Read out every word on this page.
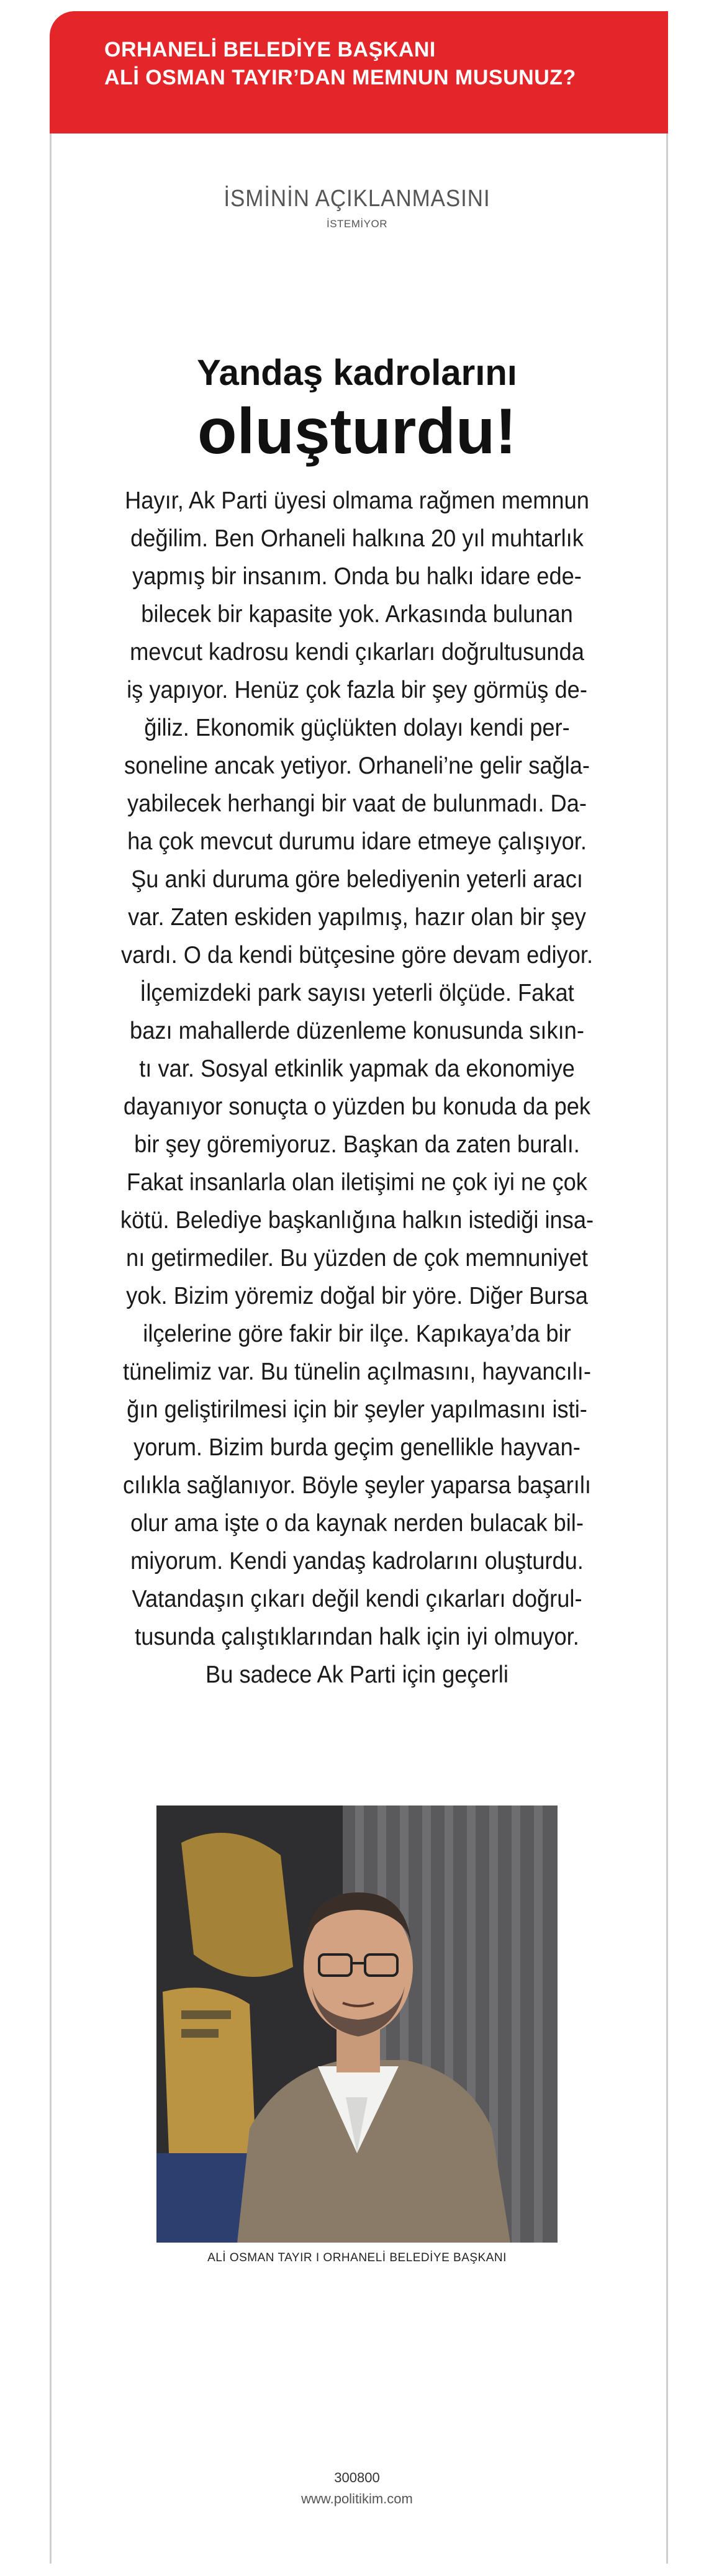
ORHANELİ BELEDİYE BAŞKANI
ALİ OSMAN TAYIR’DAN MEMNUN MUSUNUZ?
İSMİNİN AÇIKLANMASINI
İSTEMİYOR
Yandaş kadrolarını
oluşturdu!
Hayır, Ak Parti üyesi olmama rağmen memnun
değilim. Ben Orhaneli halkına 20 yıl muhtarlık
yapmış bir insanım. Onda bu halkı idare ede-
bilecek bir kapasite yok. Arkasında bulunan
mevcut kadrosu kendi çıkarları doğrultusunda
iş yapıyor. Henüz çok fazla bir şey görmüş de-
ğiliz. Ekonomik güçlükten dolayı kendi per-
soneline ancak yetiyor. Orhaneli’ne gelir sağla-
yabilecek herhangi bir vaat de bulunmadı. Da-
ha çok mevcut durumu idare etmeye çalışıyor.
Şu anki duruma göre belediyenin yeterli aracı
var. Zaten eskiden yapılmış, hazır olan bir şey
vardı. O da kendi bütçesine göre devam ediyor.
İlçemizdeki park sayısı yeterli ölçüde. Fakat
bazı mahallerde düzenleme konusunda sıkın-
tı var. Sosyal etkinlik yapmak da ekonomiye
dayanıyor sonuçta o yüzden bu konuda da pek
bir şey göremiyoruz. Başkan da zaten buralı.
Fakat insanlarla olan iletişimi ne çok iyi ne çok
kötü. Belediye başkanlığına halkın istediği insa-
nı getirmediler. Bu yüzden de çok memnuniyet
yok. Bizim yöremiz doğal bir yöre. Diğer Bursa
ilçelerine göre fakir bir ilçe. Kapıkaya’da bir
tünelimiz var. Bu tünelin açılmasını, hayvancılı-
ğın geliştirilmesi için bir şeyler yapılmasını isti-
yorum. Bizim burda geçim genellikle hayvan-
cılıkla sağlanıyor. Böyle şeyler yaparsa başarılı
olur ama işte o da kaynak nerden bulacak bil-
miyorum. Kendi yandaş kadrolarını oluşturdu.
Vatandaşın çıkarı değil kendi çıkarları doğrul-
tusunda çalıştıklarından halk için iyi olmuyor.
Bu sadece Ak Parti için geçerli
ALİ OSMAN TAYIR I ORHANELİ BELEDİYE BAŞKANI
300800
www.politikim.com
